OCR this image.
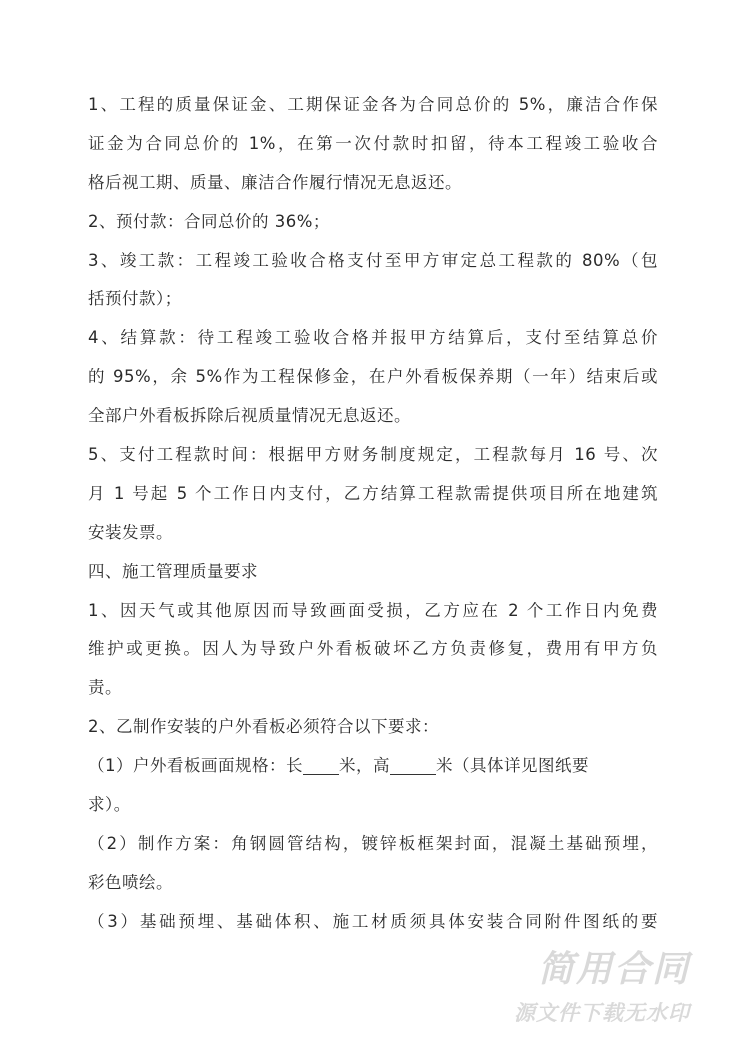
1、工程的质量保证金、工期保证金各为合同总价的 5%，廉洁合作保
证金为合同总价的 1%，在第一次付款时扣留，待本工程竣工验收合
格后视工期、质量、廉洁合作履行情况无息返还。
2、预付款：合同总价的 36%；
3、竣工款：工程竣工验收合格支付至甲方审定总工程款的 80%（包
括预付款）；
4、结算款：待工程竣工验收合格并报甲方结算后，支付至结算总价
的 95%，余 5%作为工程保修金，在户外看板保养期（一年）结束后或
全部户外看板拆除后视质量情况无息返还。
5、支付工程款时间：根据甲方财务制度规定，工程款每月 16 号、次
月 1 号起 5 个工作日内支付，乙方结算工程款需提供项目所在地建筑
安装发票。
四、施工管理质量要求
1、因天气或其他原因而导致画面受损，乙方应在 2 个工作日内免费
维护或更换。因人为导致户外看板破坏乙方负责修复，费用有甲方负
责。
2、乙制作安装的户外看板必须符合以下要求：
（1）户外看板画面规格：长 米，高	米（具体详见图纸要
求）。
（2）制作方案：角钢圆管结构，镀锌板框架封面，混凝土基础预埋，
彩色喷绘。
（3）基础预埋、基础体积、施工材质须具体安装合同附件图纸的要
简用合同
源文件下载无水印
